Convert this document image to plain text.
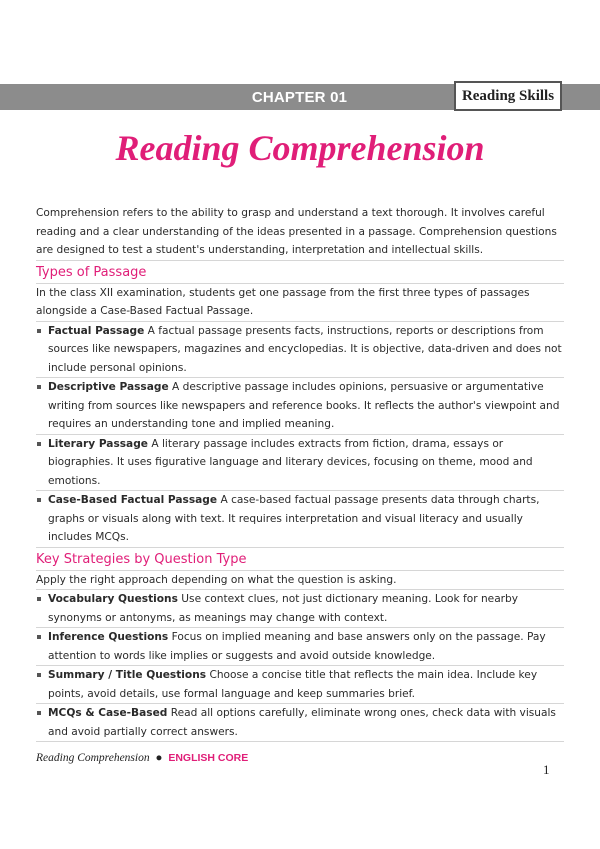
CHAPTER 01	Reading Skills
Reading Comprehension

Comprehension refers to the ability to grasp and understand a text thorough. It involves careful reading and a clear understanding of the ideas presented in a passage. Comprehension questions are designed to test a student's understanding, interpretation and intellectual skills.

Types of Passage

In the class XII examination, students get one passage from the first three types of passages alongside a Case-Based Factual Passage.

Factual Passage A factual passage presents facts, instructions, reports or descriptions from sources like newspapers, magazines and encyclopedias. It is objective, data-driven and does not include personal opinions.
Descriptive Passage A descriptive passage includes opinions, persuasive or argumentative writing from sources like newspapers and reference books. It reflects the author's viewpoint and requires an understanding tone and implied meaning.
Literary Passage A literary passage includes extracts from fiction, drama, essays or biographies. It uses figurative language and literary devices, focusing on theme, mood and emotions.
Case-Based Factual Passage A case-based factual passage presents data through charts, graphs or visuals along with text. It requires interpretation and visual literacy and usually includes MCQs.
Key Strategies by Question Type

Apply the right approach depending on what the question is asking.

Vocabulary Questions Use context clues, not just dictionary meaning. Look for nearby synonyms or antonyms, as meanings may change with context.
Inference Questions Focus on implied meaning and base answers only on the passage. Pay attention to words like implies or suggests and avoid outside knowledge.
Summary / Title Questions Choose a concise title that reflects the main idea. Include key points, avoid details, use formal language and keep summaries brief.
MCQs & Case-Based Read all options carefully, eliminate wrong ones, check data with visuals and avoid partially correct answers.
Reading Comprehension ● ENGLISH CORE
1
